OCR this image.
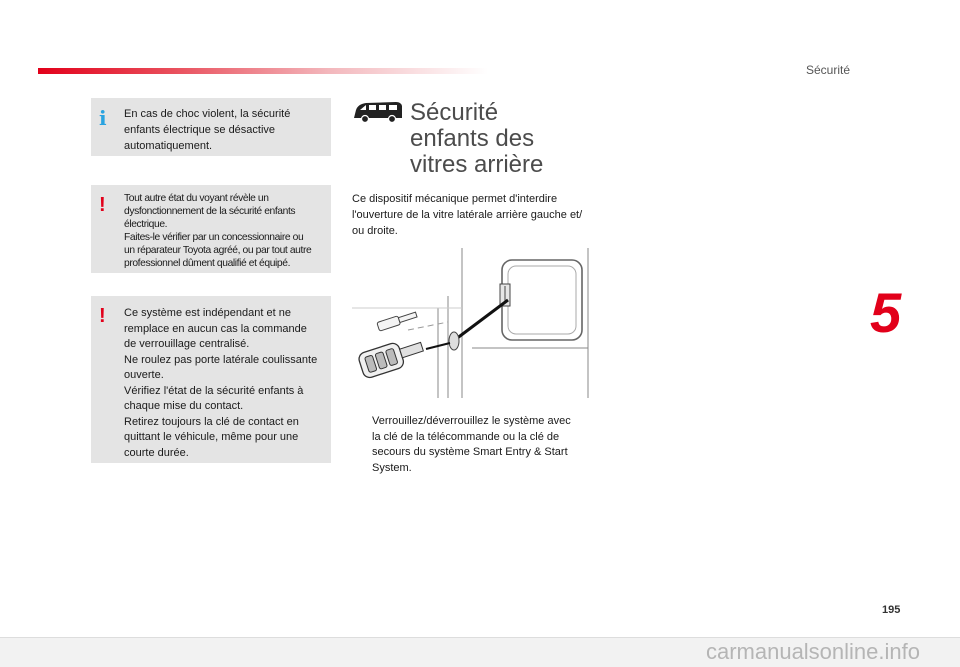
Sécurité
5
i En cas de choc violent, la sécurité
enfants électrique se désactive
automatiquement.
! Tout autre état du voyant révèle un
dysfonctionnement de la sécurité enfants
électrique.
Faites-le vérifier par un concessionnaire ou
un réparateur Toyota agréé, ou par tout autre
professionnel dûment qualifié et équipé.
! Ce système est indépendant et ne
remplace en aucun cas la commande
de verrouillage centralisé.
Ne roulez pas porte latérale coulissante
ouverte.
Vérifiez l'état de la sécurité enfants à
chaque mise du contact.
Retirez toujours la clé de contact en
quittant le véhicule, même pour une
courte durée.
Sécurité
enfants des
vitres arrière
Ce dispositif mécanique permet d'interdire
l'ouverture de la vitre latérale arrière gauche et/
ou droite.
Verrouillez/déverrouillez le système avec
la clé de la télécommande ou la clé de
secours du système Smart Entry & Start
System.
195
carmanualsonline.info
